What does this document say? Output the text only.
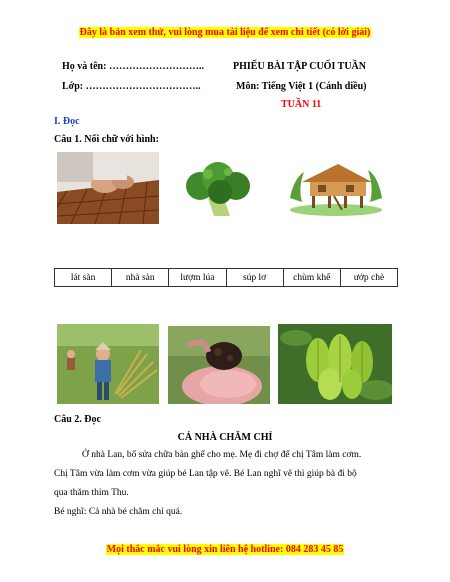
Đây là bản xem thử, vui lòng mua tài liệu để xem chi tiết (có lời giải)
Họ và tên: ………………………..
Lớp: ……………………………..
PHIẾU BÀI TẬP CUỐI TUẦN
Môn: Tiếng Việt 1 (Cánh diều)
TUẦN 11
I. Đọc
Câu 1. Nối chữ với hình:
lát sàn	nhà sàn	lượm lúa	súp lơ	chùm khế	ướp chè
Câu 2. Đọc
CẢ NHÀ CHĂM CHỈ
Ở nhà Lan, bố sửa chữa bàn ghế cho mẹ. Mẹ đi chợ để chị Tâm làm cơm.
Chị Tâm vừa làm cơm vừa giúp bé Lan tập vẽ. Bé Lan nghĩ vẽ thì giúp bà đi bộ
qua thăm thím Thu.
Bé nghĩ: Cả nhà bé chăm chỉ quá.
Mọi thắc mắc vui lòng xin liên hệ hotline: 084 283 45 85
